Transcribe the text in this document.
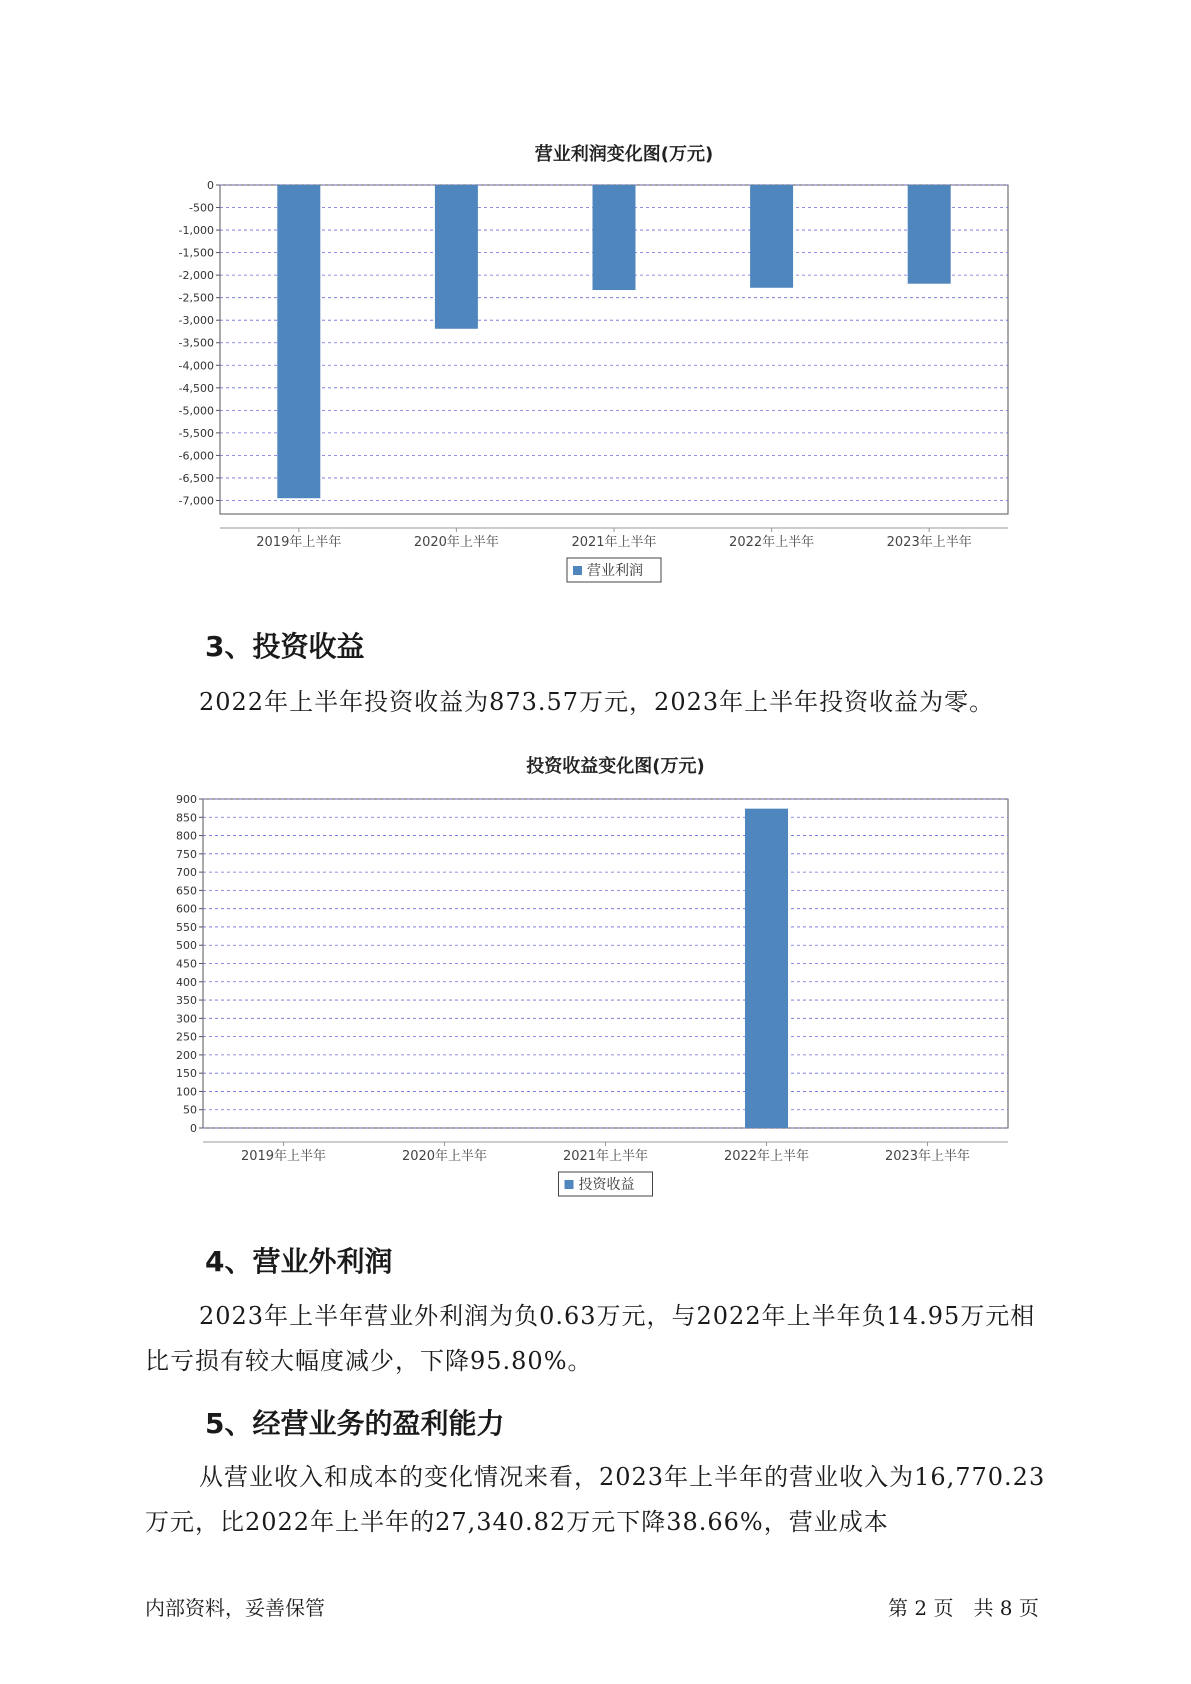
营业利润变化图(万元)
0
-500
-1,000
-1,500
-2,000
-2,500
-3,000
-3,500
-4,000
-4,500
-5,000
-5,500
-6,000
-6,500
-7,000
2019年上半年	2020年上半年	2021年上半年	2022年上半年	2023年上半年
营业利润
3、投资收益

2022年上半年投资收益为873.57万元，2023年上半年投资收益为零。

投资收益变化图(万元)
900
850
800
750
700
650
600
550
500
450
400
350
300
250
200
150
100
50
0
2019年上半年	2020年上半年	2021年上半年	2022年上半年	2023年上半年
投资收益
4、营业外利润

2023年上半年营业外利润为负0.63万元，与2022年上半年负14.95万元相比亏损有较大幅度减少，下降95.80%。

5、经营业务的盈利能力

从营业收入和成本的变化情况来看，2023年上半年的营业收入为16,770.23万元，比2022年上半年的27,340.82万元下降38.66%，营业成本

内部资料，妥善保管	第 2 页　共 8 页
